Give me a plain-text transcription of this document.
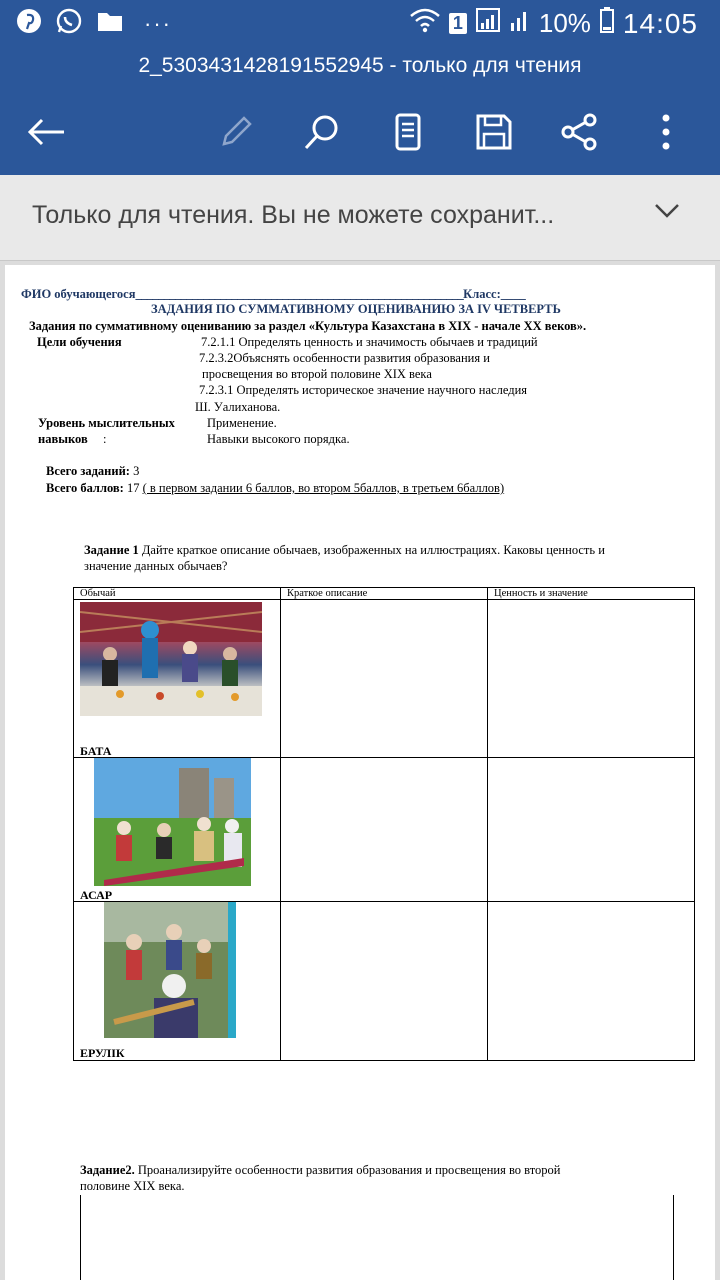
···	1	10% 14:05
2_5303431428191552945 - только для чтения
Только для чтения. Вы не можете сохранит...
ФИО обучающегося__________________________________________________________Класс:____
ЗАДАНИЯ ПО СУММАТИВНОМУ ОЦЕНИВАНИЮ ЗА IV ЧЕТВЕРТЬ
Задания по суммативному оцениванию за раздел «Культура Казахстана в XIX - начале XX веков».
Цели обучения	7.2.1.1 Определять ценность и значимость обычаев и традиций
7.2.3.2Объяснять особенности развития образования и
просвещения во второй половине XIX века
7.2.3.1 Определять историческое значение научного наследия
Ш. Уалиханова.
Уровень мыслительных	Применение.
навыков :	Навыки высокого порядка.
Всего заданий: 3
Всего баллов: 17 ( в первом задании 6 баллов, во втором 5баллов, в третьем 6баллов)
Задание 1 Дайте краткое описание обычаев, изображенных на иллюстрациях. Каковы ценность и
значение данных обычаев?
Обычай	Краткое описание	Ценность и значение

БАТА		

АСАР		

ЕРУЛІК		

Задание2. Проанализируйте особенности развития образования и просвещения во второй
половине XIX века.
